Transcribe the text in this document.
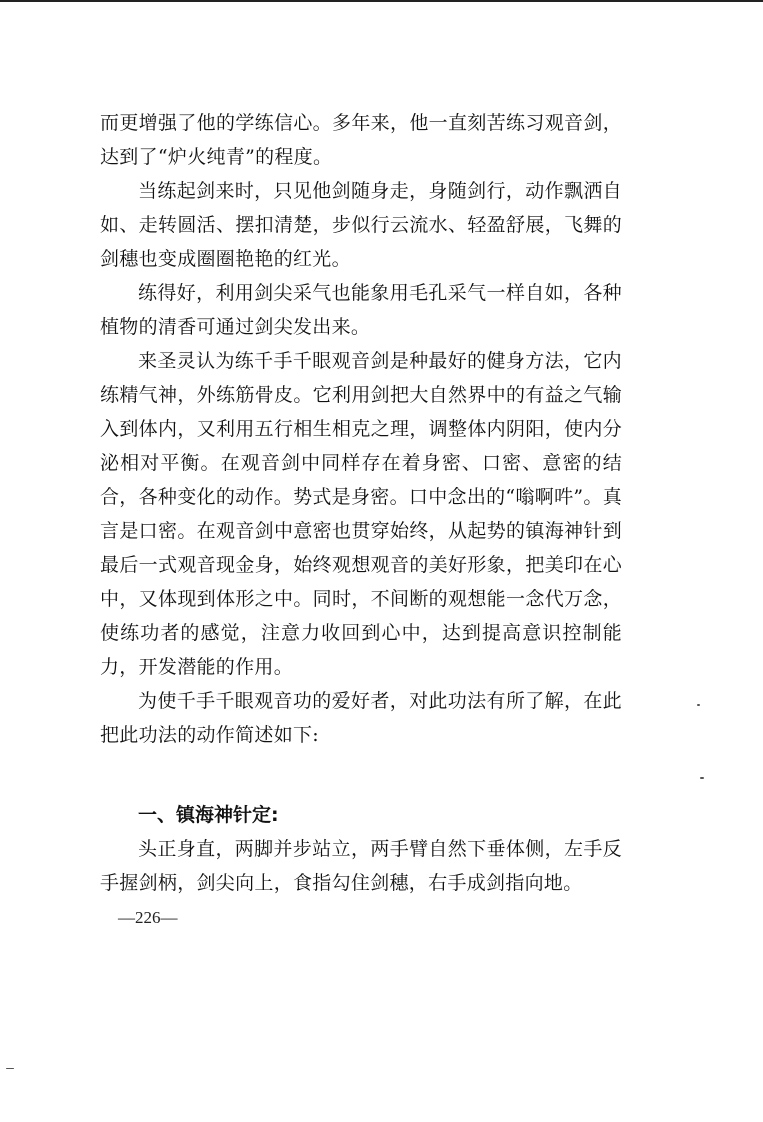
而更增强了他的学练信心。多年来，他一直刻苦练习观音剑，达到了“炉火纯青”的程度。

当练起剑来时，只见他剑随身走，身随剑行，动作飘洒自如、走转圆活、摆扣清楚，步似行云流水、轻盈舒展，飞舞的剑穗也变成圈圈艳艳的红光。

练得好，利用剑尖采气也能象用毛孔采气一样自如，各种植物的清香可通过剑尖发出来。

来圣灵认为练千手千眼观音剑是种最好的健身方法，它内练精气神，外练筋骨皮。它利用剑把大自然界中的有益之气输入到体内，又利用五行相生相克之理，调整体内阴阳，使内分泌相对平衡。在观音剑中同样存在着身密、口密、意密的结合，各种变化的动作。势式是身密。口中念出的“嗡啊吽”。真言是口密。在观音剑中意密也贯穿始终，从起势的镇海神针到最后一式观音现金身，始终观想观音的美好形象，把美印在心中，又体现到体形之中。同时，不间断的观想能一念代万念，使练功者的感觉，注意力收回到心中，达到提高意识控制能力，开发潜能的作用。

为使千手千眼观音功的爱好者，对此功法有所了解，在此把此功法的动作简述如下:

一、镇海神针定:

头正身直，两脚并步站立，两手臂自然下垂体侧，左手反手握剑柄，剑尖向上，食指勾住剑穗，右手成剑指向地。

—226—
